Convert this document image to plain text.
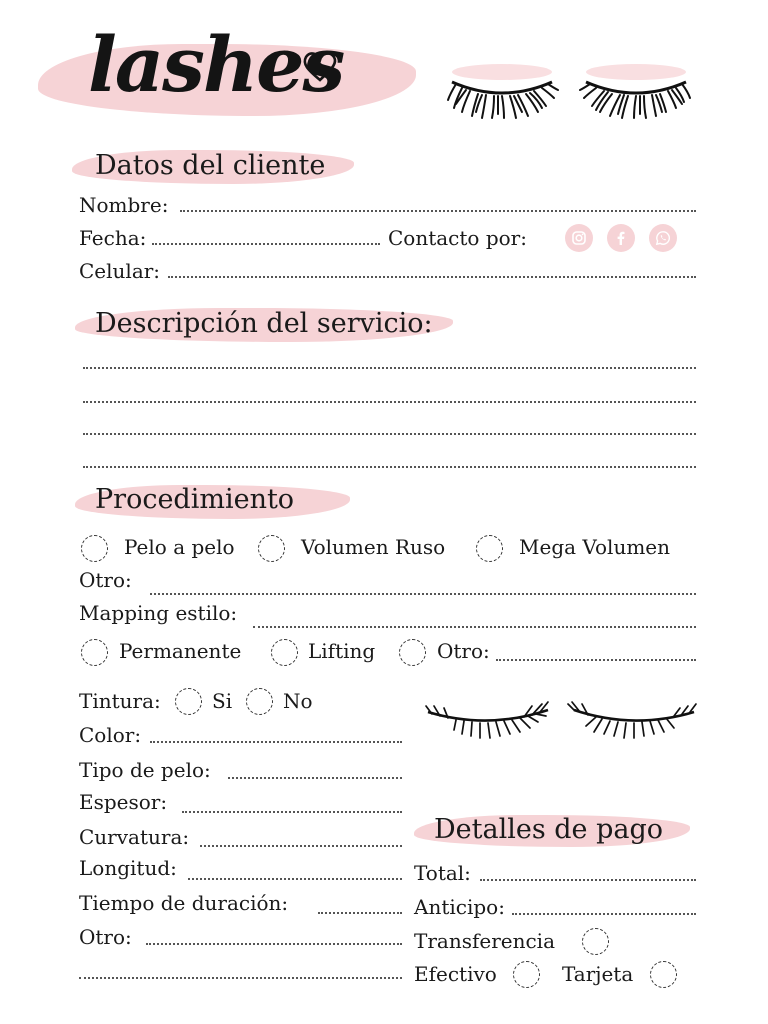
lashes
Datos del cliente
Nombre:
Fecha:	Contacto por:
Celular:
Descripción del servicio:
Procedimiento
Pelo a pelo	Volumen Ruso	Mega Volumen
Otro:
Mapping estilo:
Permanente	Lifting	Otro:
Tintura:	Si	No
Color:
Tipo de pelo:
Espesor:
Curvatura:
Longitud:
Tiempo de duración:
Otro:
Detalles de pago
Total:
Anticipo:
Transferencia
Efectivo	Tarjeta
